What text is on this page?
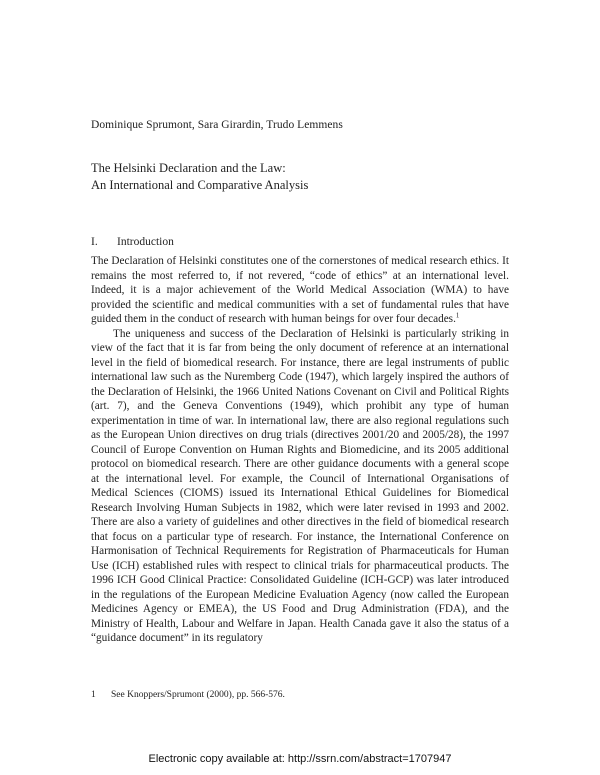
Dominique Sprumont, Sara Girardin, Trudo Lemmens
The Helsinki Declaration and the Law:
An International and Comparative Analysis
I. Introduction

The Declaration of Helsinki constitutes one of the cornerstones of medical research ethics. It remains the most referred to, if not revered, “code of ethics” at an international level. Indeed, it is a major achievement of the World Medical Association (WMA) to have provided the scientific and medical communities with a set of fundamental rules that have guided them in the conduct of research with human beings for over four decades.$^1$

The uniqueness and success of the Declaration of Helsinki is particularly striking in view of the fact that it is far from being the only document of reference at an international level in the field of biomedical research. For instance, there are legal instruments of public international law such as the Nuremberg Code (1947), which largely inspired the authors of the Declaration of Helsinki, the 1966 United Nations Covenant on Civil and Political Rights (art. 7), and the Geneva Conventions (1949), which prohibit any type of human experimentation in time of war. In international law, there are also regional regulations such as the European Union directives on drug trials (directives 2001/20 and 2005/28), the 1997 Council of Europe Convention on Human Rights and Biomedicine, and its 2005 additional protocol on biomedical research. There are other guidance documents with a general scope at the international level. For example, the Council of International Organisations of Medical Sciences (CIOMS) issued its International Ethical Guidelines for Biomedical Research Involving Human Subjects in 1982, which were later revised in 1993 and 2002. There are also a variety of guidelines and other directives in the field of biomedical research that focus on a particular type of research. For instance, the International Conference on Harmonisation of Technical Requirements for Registration of Pharmaceuticals for Human Use (ICH) established rules with respect to clinical trials for pharmaceutical products. The 1996 ICH Good Clinical Practice: Consolidated Guideline (ICH-GCP) was later introduced in the regulations of the European Medicine Evaluation Agency (now called the European Medicines Agency or EMEA), the US Food and Drug Administration (FDA), and the Ministry of Health, Labour and Welfare in Japan. Health Canada gave it also the status of a “guidance document” in its regulatory

1 See Knoppers/Sprumont (2000), pp. 566-576.
Electronic copy available at: http://ssrn.com/abstract=1707947
